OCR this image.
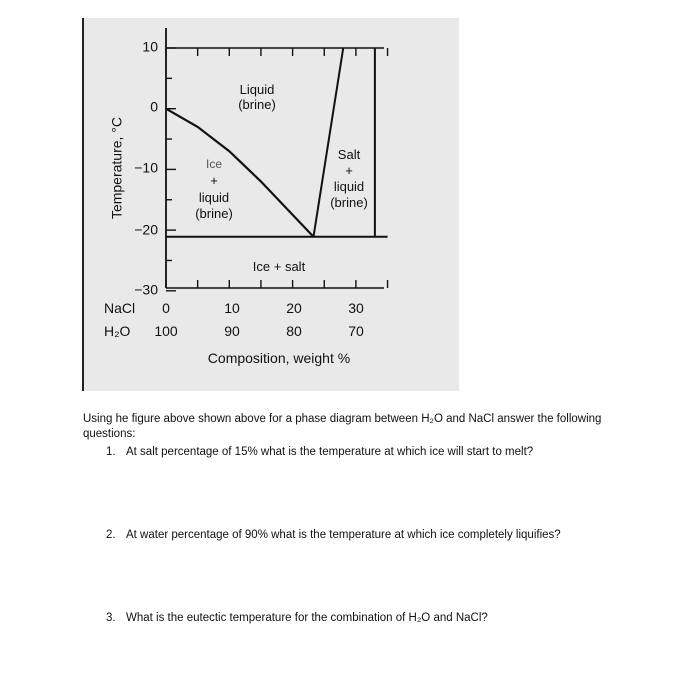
10
0
−10
−20
−30
Temperature, °C
Liquid
(brine)
Ice
+
liquid
(brine)
Salt
+
liquid
(brine)
Ice + salt
NaCl 0	10	20	30
H₂O 100	90	80	70
Composition, weight %
Using he figure above shown above for a phase diagram between H₂O and NaCl answer the following questions:
1. At salt percentage of 15% what is the temperature at which ice will start to melt?
2. At water percentage of 90% what is the temperature at which ice completely liquifies?
3. What is the eutectic temperature for the combination of H₂O and NaCl?
